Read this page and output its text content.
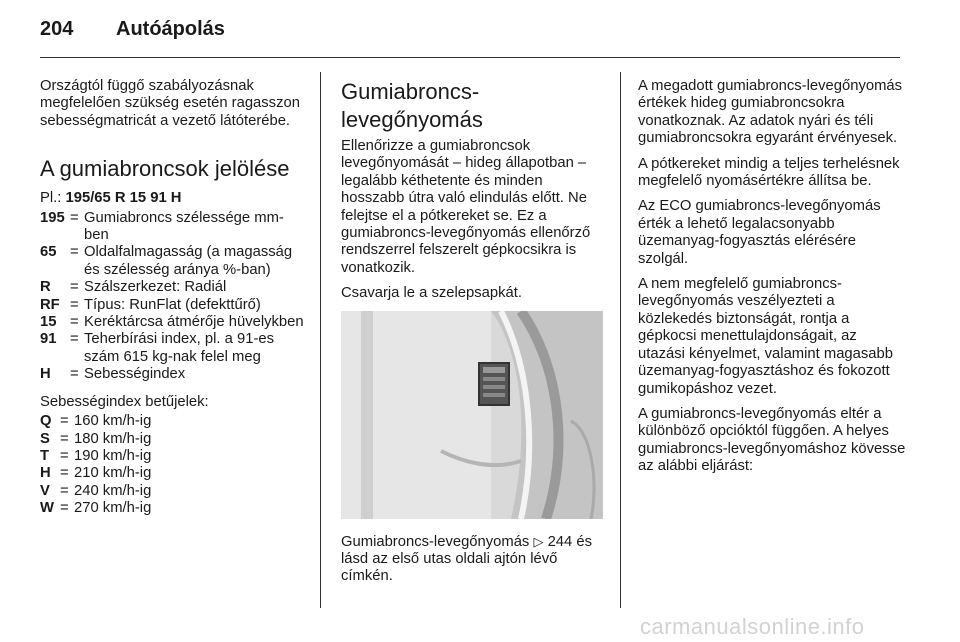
204 Autóápolás

Országtól függő szabályozásnak megfelelően szükség esetén ragasszon sebességmatricát a vezető látóterébe.

A gumiabroncsok jelölése

Pl.: 195/65 R 15 91 H

195	=	Gumiabroncs szélessége mm-ben
65	=	Oldalfalmagasság (a magasság és szélesség aránya %-ban)
R	=	Szálszerkezet: Radiál
RF	=	Típus: RunFlat (defekttűrő)
15	=	Keréktárcsa átmérője hüvelykben
91	=	Teherbírási index, pl. a 91-es szám 615 kg-nak felel meg
H	=	Sebességindex

Sebességindex betűjelek:

Q	=	160 km/h-ig
S	=	180 km/h-ig
T	=	190 km/h-ig
H	=	210 km/h-ig
V	=	240 km/h-ig
W	=	270 km/h-ig
Gumiabroncs-
levegőnyomás

Ellenőrizze a gumiabroncsok levegőnyomását – hideg állapotban – legalább kéthetente és minden hosszabb útra való elindulás előtt. Ne felejtse el a pótkereket se. Ez a gumiabroncs-levegőnyomás ellenőrző rendszerrel felszerelt gépkocsikra is vonatkozik.

Csavarja le a szelepsapkát.

Gumiabroncs-levegőnyomás ▷ 244 és lásd az első utas oldali ajtón lévő címkén.

A megadott gumiabroncs-levegőnyomás értékek hideg gumiabroncsokra vonatkoznak. Az adatok nyári és téli gumiabroncsokra egyaránt érvényesek.

A pótkereket mindig a teljes terhelésnek megfelelő nyomásértékre állítsa be.

Az ECO gumiabroncs-levegőnyomás érték a lehető legalacsonyabb üzemanyag-fogyasztás elérésére szolgál.

A nem megfelelő gumiabroncs-levegőnyomás veszélyezteti a közlekedés biztonságát, rontja a gépkocsi menettulajdonságait, az utazási kényelmet, valamint magasabb üzemanyag-fogyasztáshoz és fokozott gumikopáshoz vezet.

A gumiabroncs-levegőnyomás eltér a különböző opcióktól függően. A helyes gumiabroncs-levegőnyomáshoz kövesse az alábbi eljárást:

carmanualsonline.info
